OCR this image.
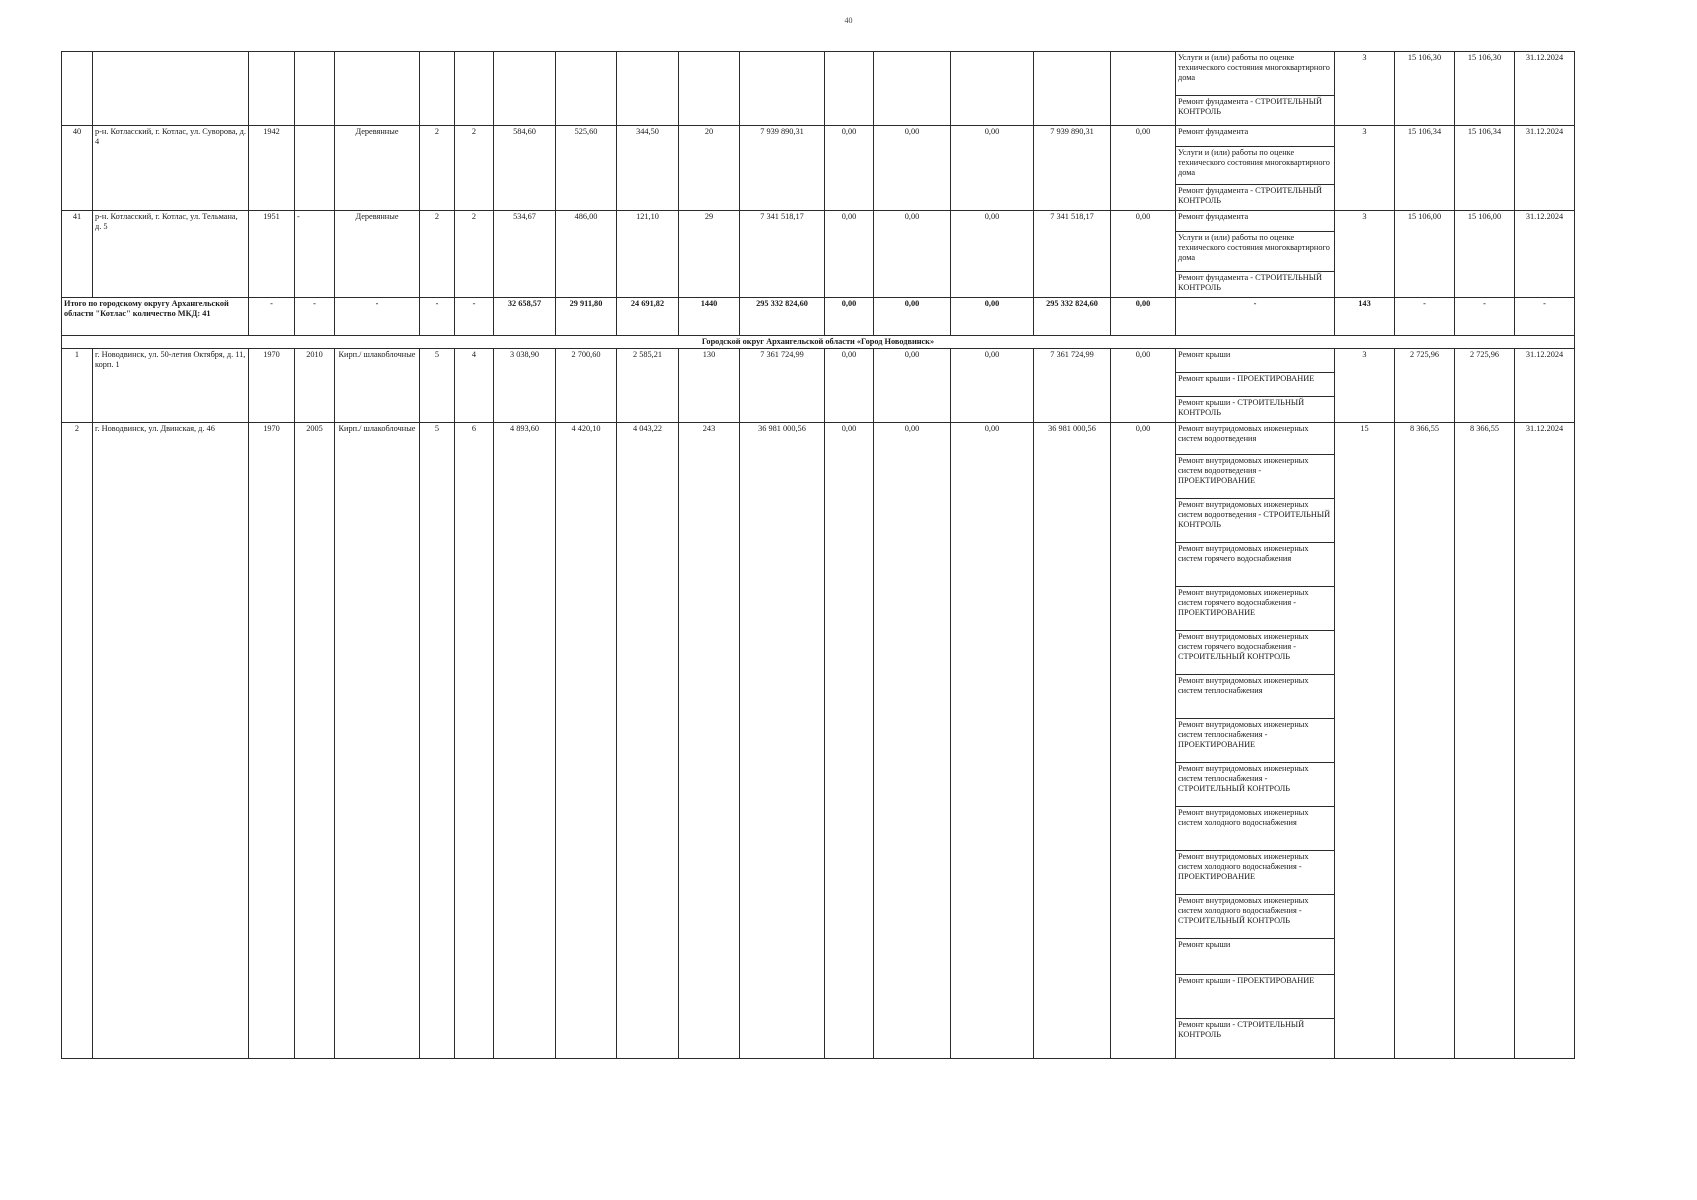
40
																	Услуги и (или) работы по оценке технического состояния многоквартирного дома	3	15 106,30	15 106,30	31.12.2024
																	Ремонт фундамента - СТРОИТЕЛЬНЫЙ КОНТРОЛЬ				
40	р-н. Котласский, г. Котлас, ул. Суворова, д. 4	1942		Деревянные	2	2	584,60	525,60	344,50	20	7 939 890,31	0,00	0,00	0,00	7 939 890,31	0,00	Ремонт фундамента	3	15 106,34	15 106,34	31.12.2024
																	Услуги и (или) работы по оценке технического состояния многоквартирного дома				
																	Ремонт фундамента - СТРОИТЕЛЬНЫЙ КОНТРОЛЬ				
41	р-н. Котласский, г. Котлас, ул. Тельмана, д. 5	1951	-	Деревянные	2	2	534,67	486,00	121,10	29	7 341 518,17	0,00	0,00	0,00	7 341 518,17	0,00	Ремонт фундамента	3	15 106,00	15 106,00	31.12.2024
																	Услуги и (или) работы по оценке технического состояния многоквартирного дома				
																	Ремонт фундамента - СТРОИТЕЛЬНЫЙ КОНТРОЛЬ				
Итого по городскому округу Архангельской области "Котлас" количество МКД: 41		-	-	-	-	-	32 658,57	29 911,80	24 691,82	1440	295 332 824,60	0,00	0,00	0,00	295 332 824,60	0,00	-	143	-	-	-
Городской округ Архангельской области «Город Новодвинск»																					
1	г. Новодвинск, ул. 50-летия Октября, д. 11, корп. 1	1970	2010	Кирп./ шлакоблочные	5	4	3 038,90	2 700,60	2 585,21	130	7 361 724,99	0,00	0,00	0,00	7 361 724,99	0,00	Ремонт крыши	3	2 725,96	2 725,96	31.12.2024
																	Ремонт крыши - ПРОЕКТИРОВАНИЕ				
																	Ремонт крыши - СТРОИТЕЛЬНЫЙ КОНТРОЛЬ				
2	г. Новодвинск, ул. Двинская, д. 46	1970	2005	Кирп./ шлакоблочные	5	6	4 893,60	4 420,10	4 043,22	243	36 981 000,56	0,00	0,00	0,00	36 981 000,56	0,00	Ремонт внутридомовых инженерных систем водоотведения	15	8 366,55	8 366,55	31.12.2024
																	Ремонт внутридомовых инженерных систем водоотведения - ПРОЕКТИРОВАНИЕ				
																	Ремонт внутридомовых инженерных систем водоотведения - СТРОИТЕЛЬНЫЙ КОНТРОЛЬ				
																	Ремонт внутридомовых инженерных систем горячего водоснабжения				
																	Ремонт внутридомовых инженерных систем горячего водоснабжения - ПРОЕКТИРОВАНИЕ				
																	Ремонт внутридомовых инженерных систем горячего водоснабжения - СТРОИТЕЛЬНЫЙ КОНТРОЛЬ				
																	Ремонт внутридомовых инженерных систем теплоснабжения				
																	Ремонт внутридомовых инженерных систем теплоснабжения - ПРОЕКТИРОВАНИЕ				
																	Ремонт внутридомовых инженерных систем теплоснабжения - СТРОИТЕЛЬНЫЙ КОНТРОЛЬ				
																	Ремонт внутридомовых инженерных систем холодного водоснабжения				
																	Ремонт внутридомовых инженерных систем холодного водоснабжения - ПРОЕКТИРОВАНИЕ				
																	Ремонт внутридомовых инженерных систем холодного водоснабжения - СТРОИТЕЛЬНЫЙ КОНТРОЛЬ				
																	Ремонт крыши				
																	Ремонт крыши - ПРОЕКТИРОВАНИЕ				
																	Ремонт крыши - СТРОИТЕЛЬНЫЙ КОНТРОЛЬ				
